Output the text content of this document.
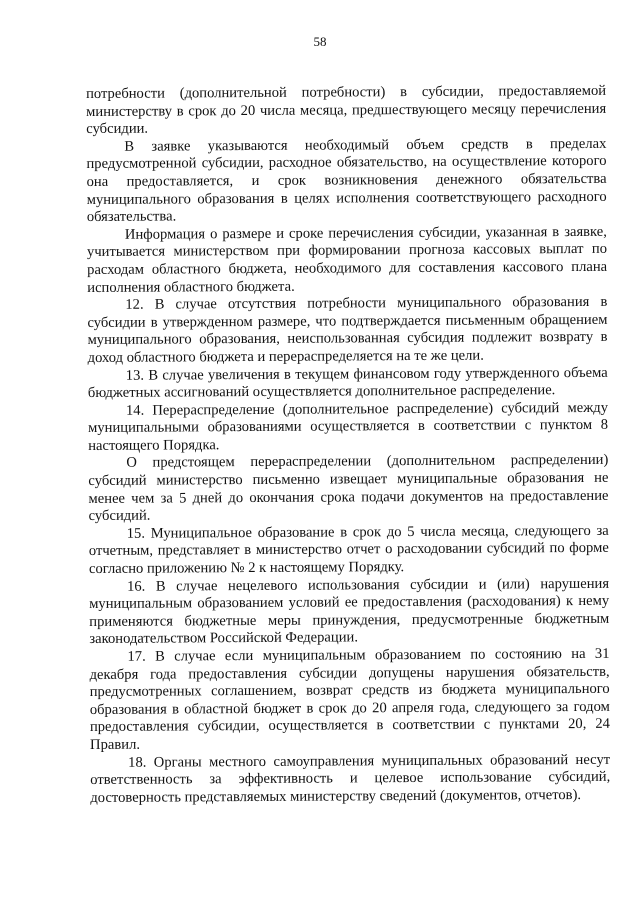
58

потребности (дополнительной потребности) в субсидии, предоставляемой министерству в срок до 20 числа месяца, предшествующего месяцу перечисления субсидии.

В заявке указываются необходимый объем средств в пределах предусмотренной субсидии, расходное обязательство, на осуществление которого она предоставляется, и срок возникновения денежного обязательства муниципального образования в целях исполнения соответствующего расходного обязательства.

Информация о размере и сроке перечисления субсидии, указанная в заявке, учитывается министерством при формировании прогноза кассовых выплат по расходам областного бюджета, необходимого для составления кассового плана исполнения областного бюджета.

12. В случае отсутствия потребности муниципального образования в субсидии в утвержденном размере, что подтверждается письменным обращением муниципального образования, неиспользованная субсидия подлежит возврату в доход областного бюджета и перераспределяется на те же цели.

13. В случае увеличения в текущем финансовом году утвержденного объема бюджетных ассигнований осуществляется дополнительное распределение.

14. Перераспределение (дополнительное распределение) субсидий между муниципальными образованиями осуществляется в соответствии с пунктом 8 настоящего Порядка.

О предстоящем перераспределении (дополнительном распределении) субсидий министерство письменно извещает муниципальные образования не менее чем за 5 дней до окончания срока подачи документов на предоставление субсидий.

15. Муниципальное образование в срок до 5 числа месяца, следующего за отчетным, представляет в министерство отчет о расходовании субсидий по форме согласно приложению № 2 к настоящему Порядку.

16. В случае нецелевого использования субсидии и (или) нарушения муниципальным образованием условий ее предоставления (расходования) к нему применяются бюджетные меры принуждения, предусмотренные бюджетным законодательством Российской Федерации.

17. В случае если муниципальным образованием по состоянию на 31 декабря года предоставления субсидии допущены нарушения обязательств, предусмотренных соглашением, возврат средств из бюджета муниципального образования в областной бюджет в срок до 20 апреля года, следующего за годом предоставления субсидии, осуществляется в соответствии с пунктами 20, 24 Правил.

18. Органы местного самоуправления муниципальных образований несут ответственность за эффективность и целевое использование субсидий, достоверность представляемых министерству сведений (документов, отчетов).
